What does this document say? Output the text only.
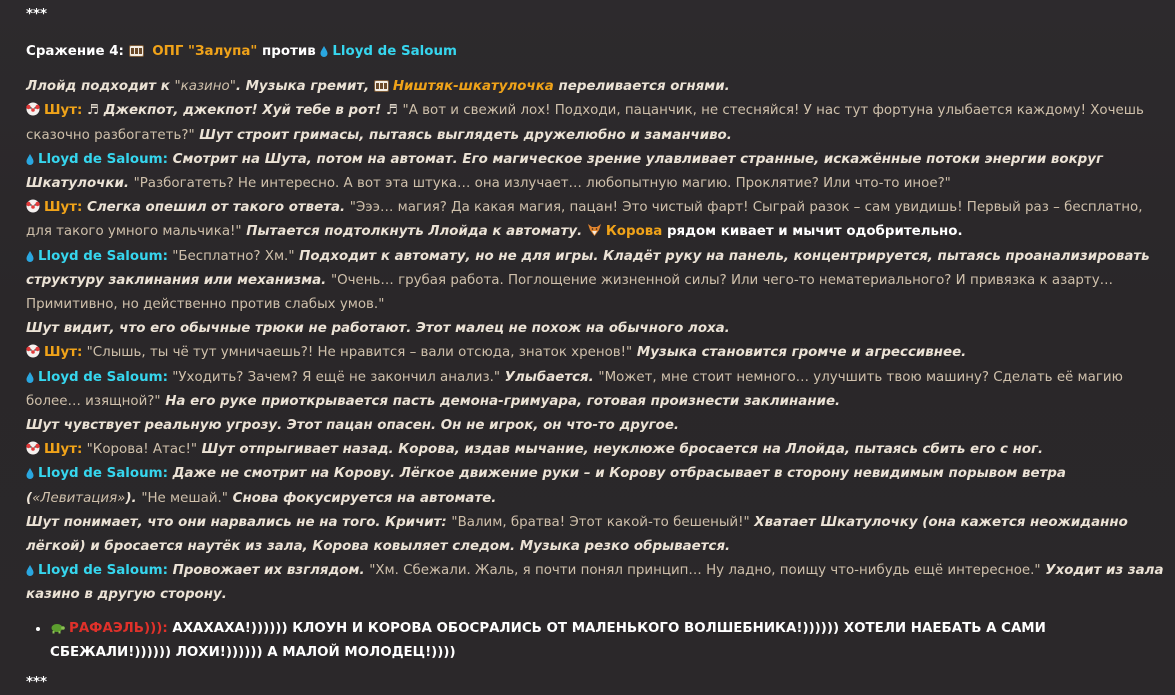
***
Сражение 4: ОПГ "Залупа" против Lloyd de Saloum

Ллойд подходит к "казино". Музыка гремит, Ништяк-шкатулочка переливается огнями.

Шут: ♬ Джекпот, джекпот! Хуй тебе в рот! ♬ "А вот и свежий лох! Подходи, пацанчик, не стесняйся! У нас тут фортуна улыбается каждому! Хочешь сказочно разбогатеть?" Шут строит гримасы, пытаясь выглядеть дружелюбно и заманчиво.

Lloyd de Saloum: Смотрит на Шута, потом на автомат. Его магическое зрение улавливает странные, искажённые потоки энергии вокруг Шкатулочки. "Разбогатеть? Не интересно. А вот эта штука… она излучает… любопытную магию. Проклятие? Или что-то иное?"

Шут: Слегка опешил от такого ответа. "Эээ… магия? Да какая магия, пацан! Это чистый фарт! Сыграй разок – сам увидишь! Первый раз – бесплатно, для такого умного мальчика!" Пытается подтолкнуть Ллойда к автомату. Корова рядом кивает и мычит одобрительно.

Lloyd de Saloum: "Бесплатно? Хм." Подходит к автомату, но не для игры. Кладёт руку на панель, концентрируется, пытаясь проанализировать структуру заклинания или механизма. "Очень… грубая работа. Поглощение жизненной силы? Или чего-то нематериального? И привязка к азарту… Примитивно, но действенно против слабых умов."

Шут видит, что его обычные трюки не работают. Этот малец не похож на обычного лоха.

Шут: "Слышь, ты чё тут умничаешь?! Не нравится – вали отсюда, знаток хренов!" Музыка становится громче и агрессивнее.

Lloyd de Saloum: "Уходить? Зачем? Я ещё не закончил анализ." Улыбается. "Может, мне стоит немного… улучшить твою машину? Сделать её магию более… изящной?" На его руке приоткрывается пасть демона-гримуара, готовая произнести заклинание.

Шут чувствует реальную угрозу. Этот пацан опасен. Он не игрок, он что-то другое.

Шут: "Корова! Атас!" Шут отпрыгивает назад. Корова, издав мычание, неуклюже бросается на Ллойда, пытаясь сбить его с ног.

Lloyd de Saloum: Даже не смотрит на Корову. Лёгкое движение руки – и Корову отбрасывает в сторону невидимым порывом ветра («Левитация»). "Не мешай." Снова фокусируется на автомате.

Шут понимает, что они нарвались не на того. Кричит: "Валим, братва! Этот какой-то бешеный!" Хватает Шкатулочку (она кажется неожиданно лёгкой) и бросается наутёк из зала, Корова ковыляет следом. Музыка резко обрывается.

Lloyd de Saloum: Провожает их взглядом. "Хм. Сбежали. Жаль, я почти понял принцип… Ну ладно, поищу что-нибудь ещё интересное." Уходит из зала казино в другую сторону.

• РАФАЭЛЬ))): АХАХАХА!)))))) КЛОУН И КОРОВА ОБОСРАЛИСЬ ОТ МАЛЕНЬКОГО ВОЛШЕБНИКА!)))))) ХОТЕЛИ НАЕБАТЬ А САМИ СБЕЖАЛИ!)))))) ЛОХИ!)))))) А МАЛОЙ МОЛОДЕЦ!))))
***
